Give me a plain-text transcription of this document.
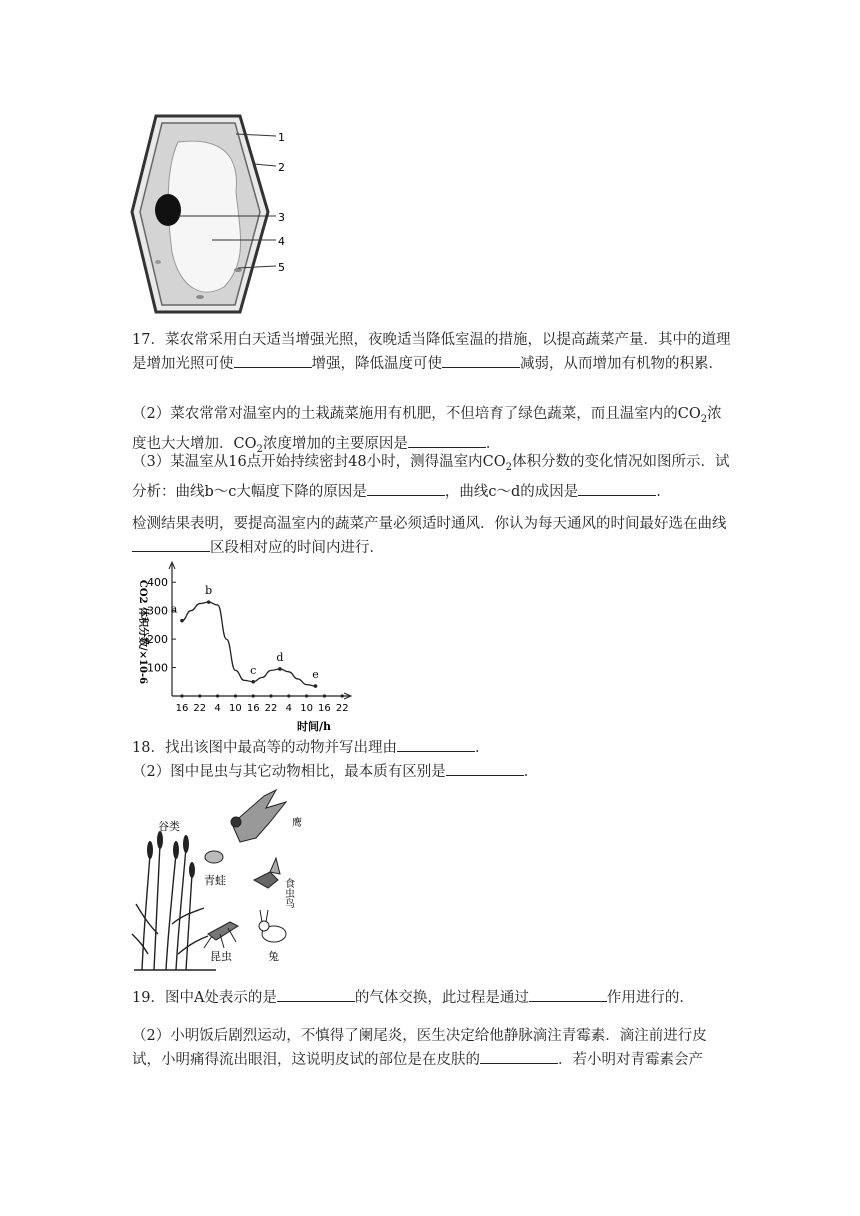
1
2
3
4
5
17．菜农常采用白天适当增强光照，夜晚适当降低室温的措施，以提高蔬菜产量．其中的道理是增加光照可使	增强，降低温度可使	减弱，从而增加有机物的积累．
（2）菜农常常对温室内的土栽蔬菜施用有机肥，不但培育了绿色蔬菜，而且温室内的$CO_2$浓度也大大增加．$CO_2$浓度增加的主要原因是	．
（3）某温室从16点开始持续密封48小时，测得温室内$CO_2$体积分数的变化情况如图所示．试分析：曲线b～c大幅度下降的原因是	，曲线c～d的成因是	．
检测结果表明，要提高温室内的蔬菜产量必须适时通风．你认为每天通风的时间最好选在曲线区段相对应的时间内进行．
100
200
300
400
16 22 4 10 16 22 4 10 16 22
CO2 体积分数/×10-6
时间/h
a
b
c
d
e
18．找出该图中最高等的动物并写出理由	．
（2）图中昆虫与其它动物相比，最本质有区别是	．
谷类
青蛙
鹰
食虫鸟
昆虫	兔
19．图中A处表示的是	的气体交换，此过程是通过	作用进行的．
（2）小明饭后剧烈运动，不慎得了阑尾炎，医生决定给他静脉滴注青霉素．滴注前进行皮试，小明痛得流出眼泪，这说明皮试的部位是在皮肤的	．若小明对青霉素会产
